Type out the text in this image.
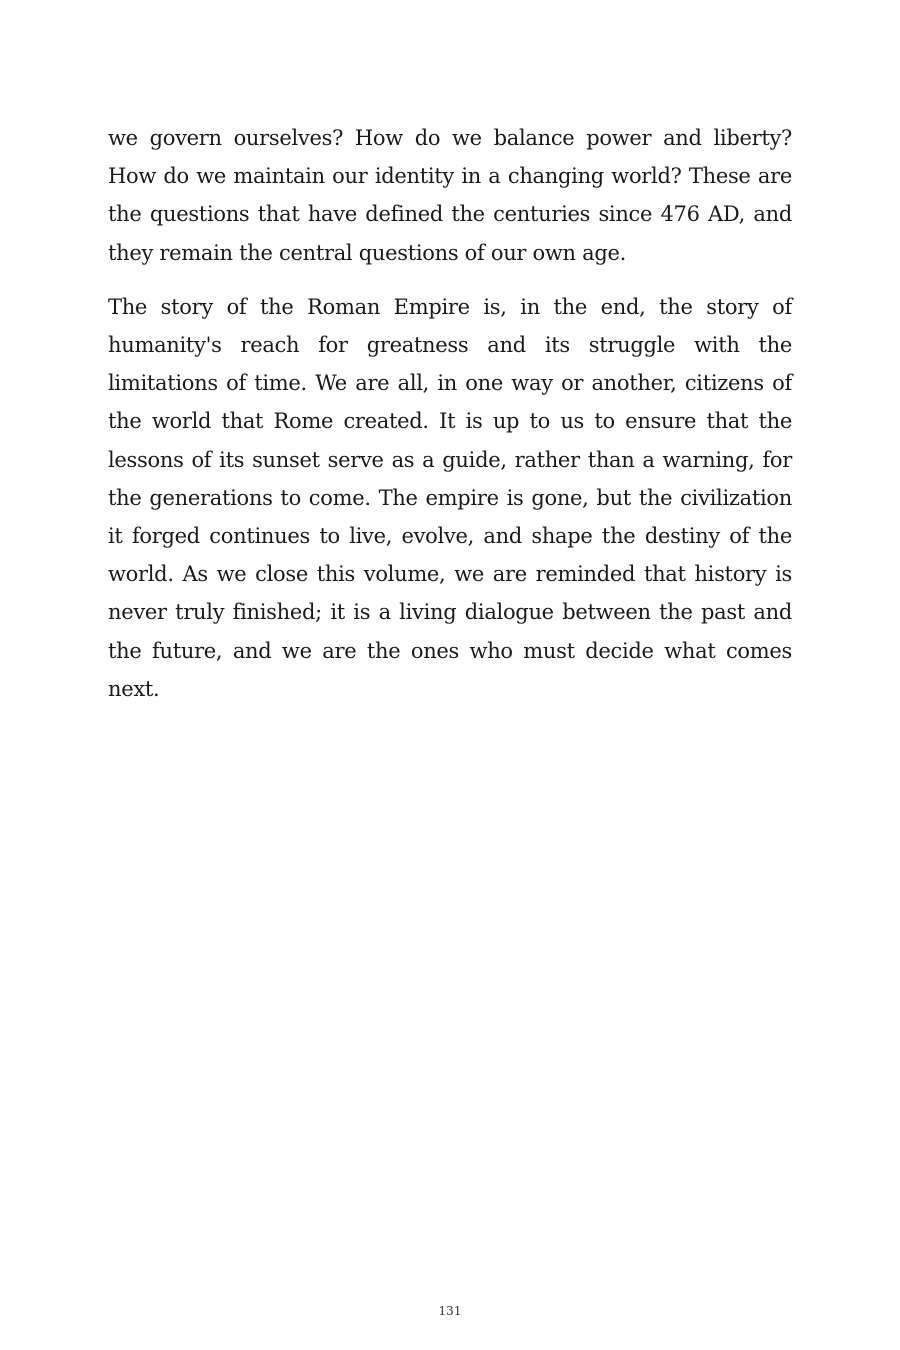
we govern ourselves? How do we balance power and liberty? How do we maintain our identity in a changing world? These are the questions that have defined the centuries since 476 AD, and they remain the central questions of our own age.

The story of the Roman Empire is, in the end, the story of humanity's reach for greatness and its struggle with the limitations of time. We are all, in one way or another, citizens of the world that Rome created. It is up to us to ensure that the lessons of its sunset serve as a guide, rather than a warning, for the generations to come. The empire is gone, but the civilization it forged continues to live, evolve, and shape the destiny of the world. As we close this volume, we are reminded that history is never truly finished; it is a living dialogue between the past and the future, and we are the ones who must decide what comes next.

131
